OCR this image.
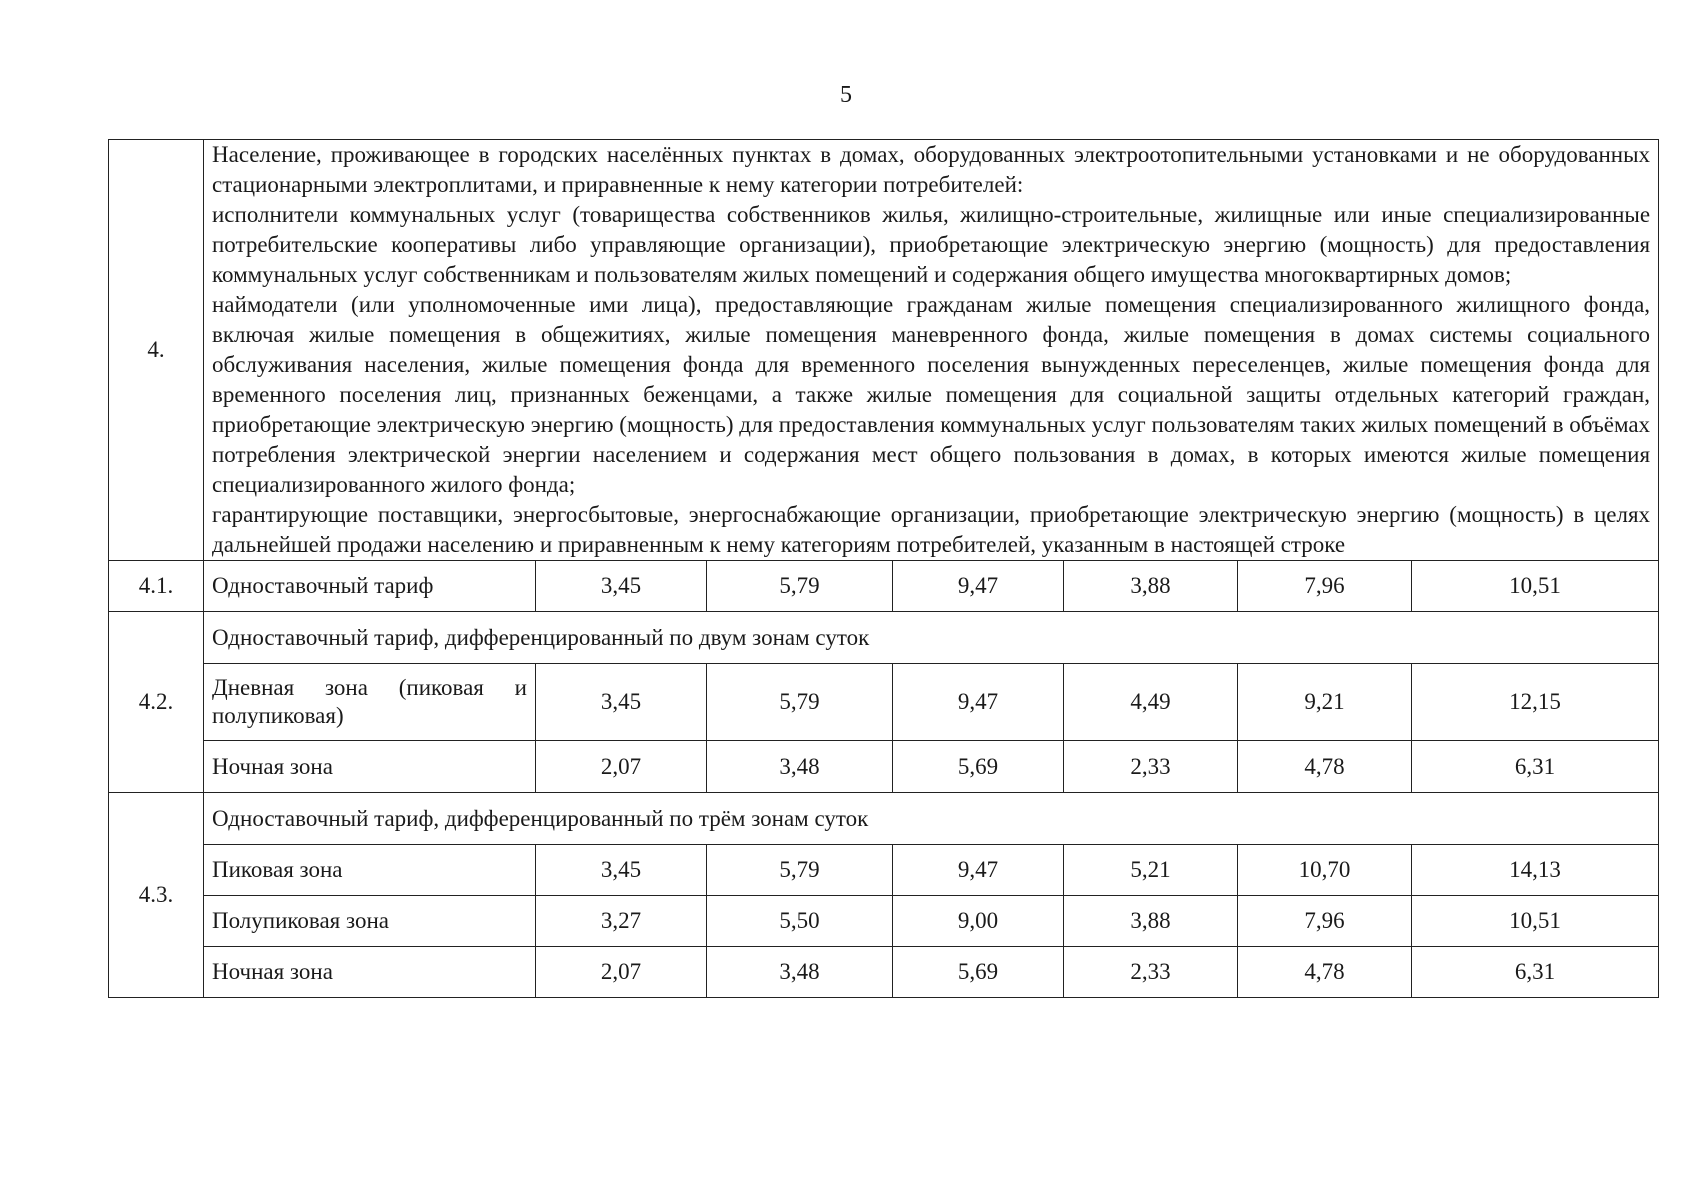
5
4.	Население, проживающее в городских населённых пунктах в домах, оборудованных электроотопительными установками и не оборудованных стационарными электроплитами, и приравненные к нему категории потребителей:

исполнители коммунальных услуг (товарищества собственников жилья, жилищно-строительные, жилищные или иные специализированные потребительские кооперативы либо управляющие организации), приобретающие электрическую энергию (мощность) для предоставления коммунальных услуг собственникам и пользователям жилых помещений и содержания общего имущества многоквартирных домов;

наймодатели (или уполномоченные ими лица), предоставляющие гражданам жилые помещения специализированного жилищного фонда, включая жилые помещения в общежитиях, жилые помещения маневренного фонда, жилые помещения в домах системы социального обслуживания населения, жилые помещения фонда для временного поселения вынужденных переселенцев, жилые помещения фонда для временного поселения лиц, признанных беженцами, а также жилые помещения для социальной защиты отдельных категорий граждан, приобретающие электрическую энергию (мощность) для предоставления коммунальных услуг пользователям таких жилых помещений в объёмах потребления электрической энергии населением и содержания мест общего пользования в домах, в которых имеются жилые помещения специализированного жилого фонда;

гарантирующие поставщики, энергосбытовые, энергоснабжающие организации, приобретающие электрическую энергию (мощность) в целях дальнейшей продажи населению и приравненным к нему категориям потребителей, указанным в настоящей строке						

4.1.	Одноставочный тариф	3,45	5,79	9,47	3,88	7,96	10,51
4.2.	Одноставочный тариф, дифференцированный по двум зонам суток						
	Дневная зона (пиковая и полупиковая)	3,45	5,79	9,47	4,49	9,21	12,15
	Ночная зона	2,07	3,48	5,69	2,33	4,78	6,31
4.3.	Одноставочный тариф, дифференцированный по трём зонам суток						
	Пиковая зона	3,45	5,79	9,47	5,21	10,70	14,13
	Полупиковая зона	3,27	5,50	9,00	3,88	7,96	10,51
	Ночная зона	2,07	3,48	5,69	2,33	4,78	6,31
